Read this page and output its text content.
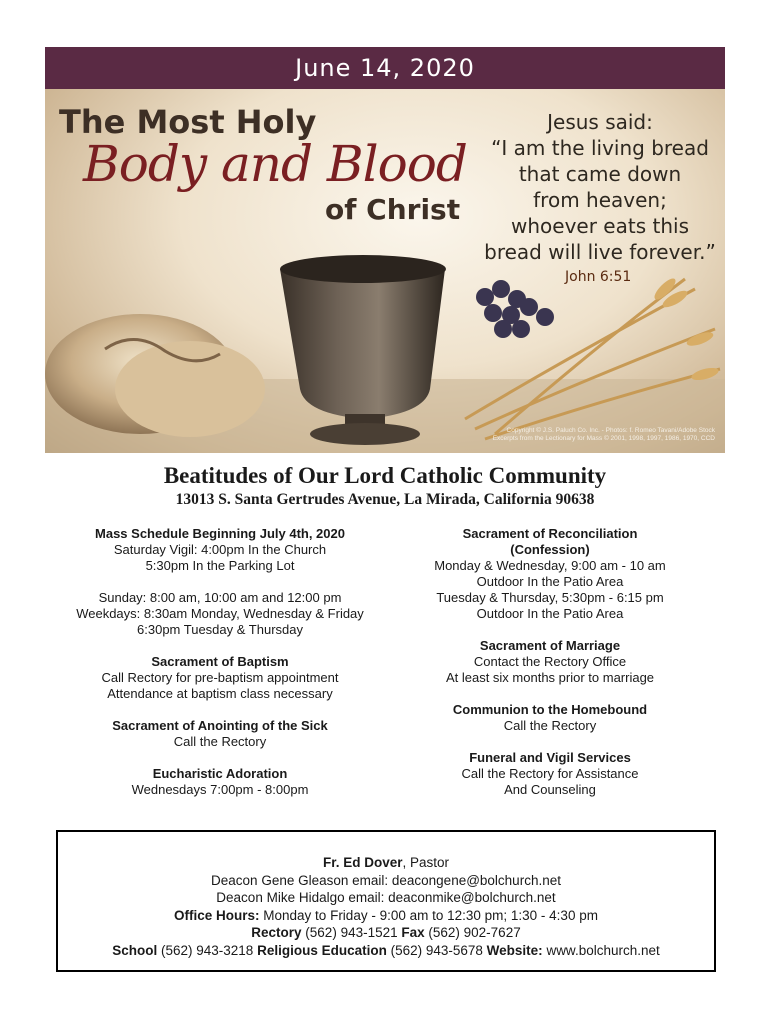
June 14, 2020
The Most Holy
Body and Blood
of Christ
Jesus said:
“I am the living bread
that came down
from heaven;
whoever eats this
bread will live forever.”
John 6:51
Copyright © J.S. Paluch Co. Inc. - Photos: f. Romeo Tavani/Adobe Stock
Excerpts from the Lectionary for Mass © 2001, 1998, 1997, 1986, 1970, CCD
Beatitudes of Our Lord Catholic Community
13013 S. Santa Gertrudes Avenue, La Mirada, California 90638
Mass Schedule Beginning July 4th, 2020
Saturday Vigil: 4:00pm In the Church
5:30pm In the Parking Lot
Sunday: 8:00 am, 10:00 am and 12:00 pm
Weekdays: 8:30am Monday, Wednesday & Friday
6:30pm Tuesday & Thursday
Sacrament of Baptism
Call Rectory for pre-baptism appointment
Attendance at baptism class necessary
Sacrament of Anointing of the Sick
Call the Rectory
Eucharistic Adoration
Wednesdays 7:00pm - 8:00pm
Sacrament of Reconciliation
(Confession)
Monday & Wednesday, 9:00 am - 10 am
Outdoor In the Patio Area
Tuesday & Thursday, 5:30pm - 6:15 pm
Outdoor In the Patio Area
Sacrament of Marriage
Contact the Rectory Office
At least six months prior to marriage
Communion to the Homebound
Call the Rectory
Funeral and Vigil Services
Call the Rectory for Assistance
And Counseling
Fr. Ed Dover, Pastor
Deacon Gene Gleason email: deacongene@bolchurch.net
Deacon Mike Hidalgo email: deaconmike@bolchurch.net
Office Hours: Monday to Friday - 9:00 am to 12:30 pm; 1:30 - 4:30 pm
Rectory (562) 943-1521 Fax (562) 902-7627
School (562) 943-3218 Religious Education (562) 943-5678 Website: www.bolchurch.net
